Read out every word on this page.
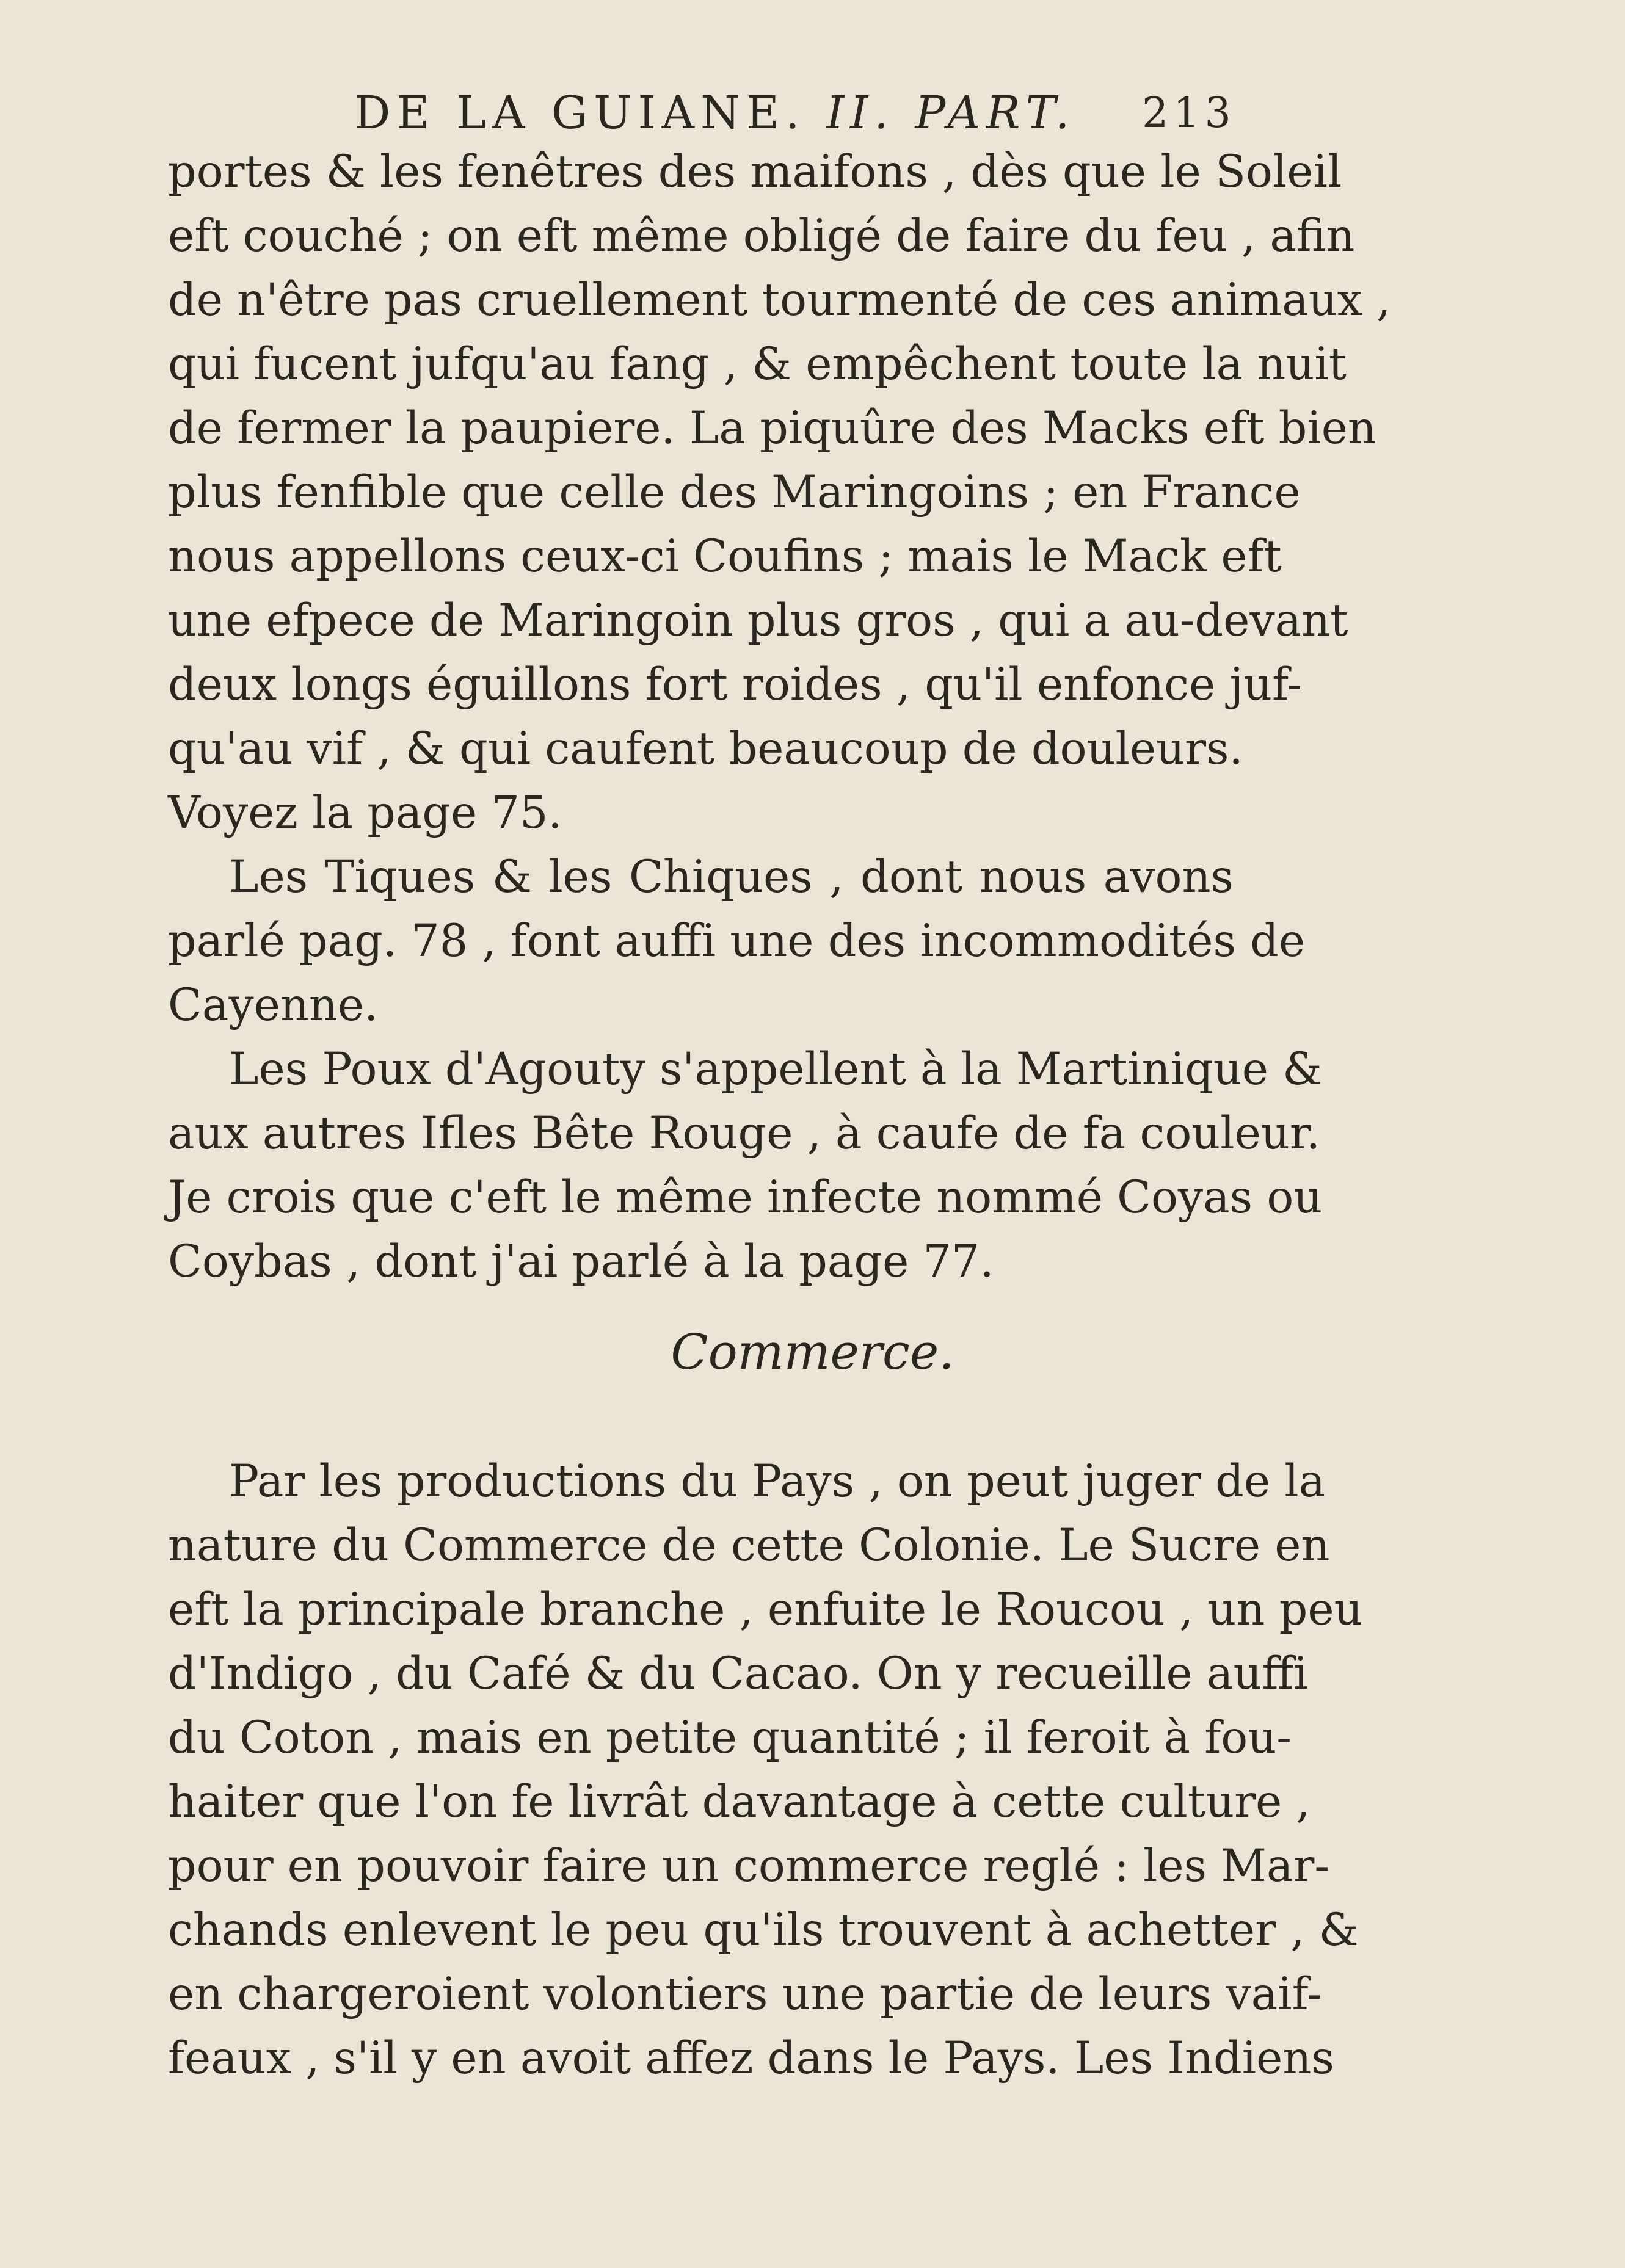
DE LA GUIANE. II. PART. 213
portes & les fenêtres des maifons , dès que le Soleil
eft couché ; on eft même obligé de faire du feu , afin
de n'être pas cruellement tourmenté de ces animaux ,
qui fucent jufqu'au fang , & empêchent toute la nuit
de fermer la paupiere. La piquûre des Macks eft bien
plus fenfible que celle des Maringoins ; en France
nous appellons ceux-ci Coufins ; mais le Mack eft
une efpece de Maringoin plus gros , qui a au-devant
deux longs éguillons fort roides , qu'il enfonce juf-
qu'au vif , & qui caufent beaucoup de douleurs.
Voyez la page 75.
Les Tiques & les Chiques , dont nous avons
parlé pag. 78 , font auffi une des incommodités de
Cayenne.
Les Poux d'Agouty s'appellent à la Martinique &
aux autres Ifles Bête Rouge , à caufe de fa couleur.
Je crois que c'eft le même infecte nommé Coyas ou
Coybas , dont j'ai parlé à la page 77.
Commerce.
Par les productions du Pays , on peut juger de la
nature du Commerce de cette Colonie. Le Sucre en
eft la principale branche , enfuite le Roucou , un peu
d'Indigo , du Café & du Cacao. On y recueille auffi
du Coton , mais en petite quantité ; il feroit à fou-
haiter que l'on fe livrât davantage à cette culture ,
pour en pouvoir faire un commerce reglé : les Mar-
chands enlevent le peu qu'ils trouvent à achetter , &
en chargeroient volontiers une partie de leurs vaif-
feaux , s'il y en avoit affez dans le Pays. Les Indiens
